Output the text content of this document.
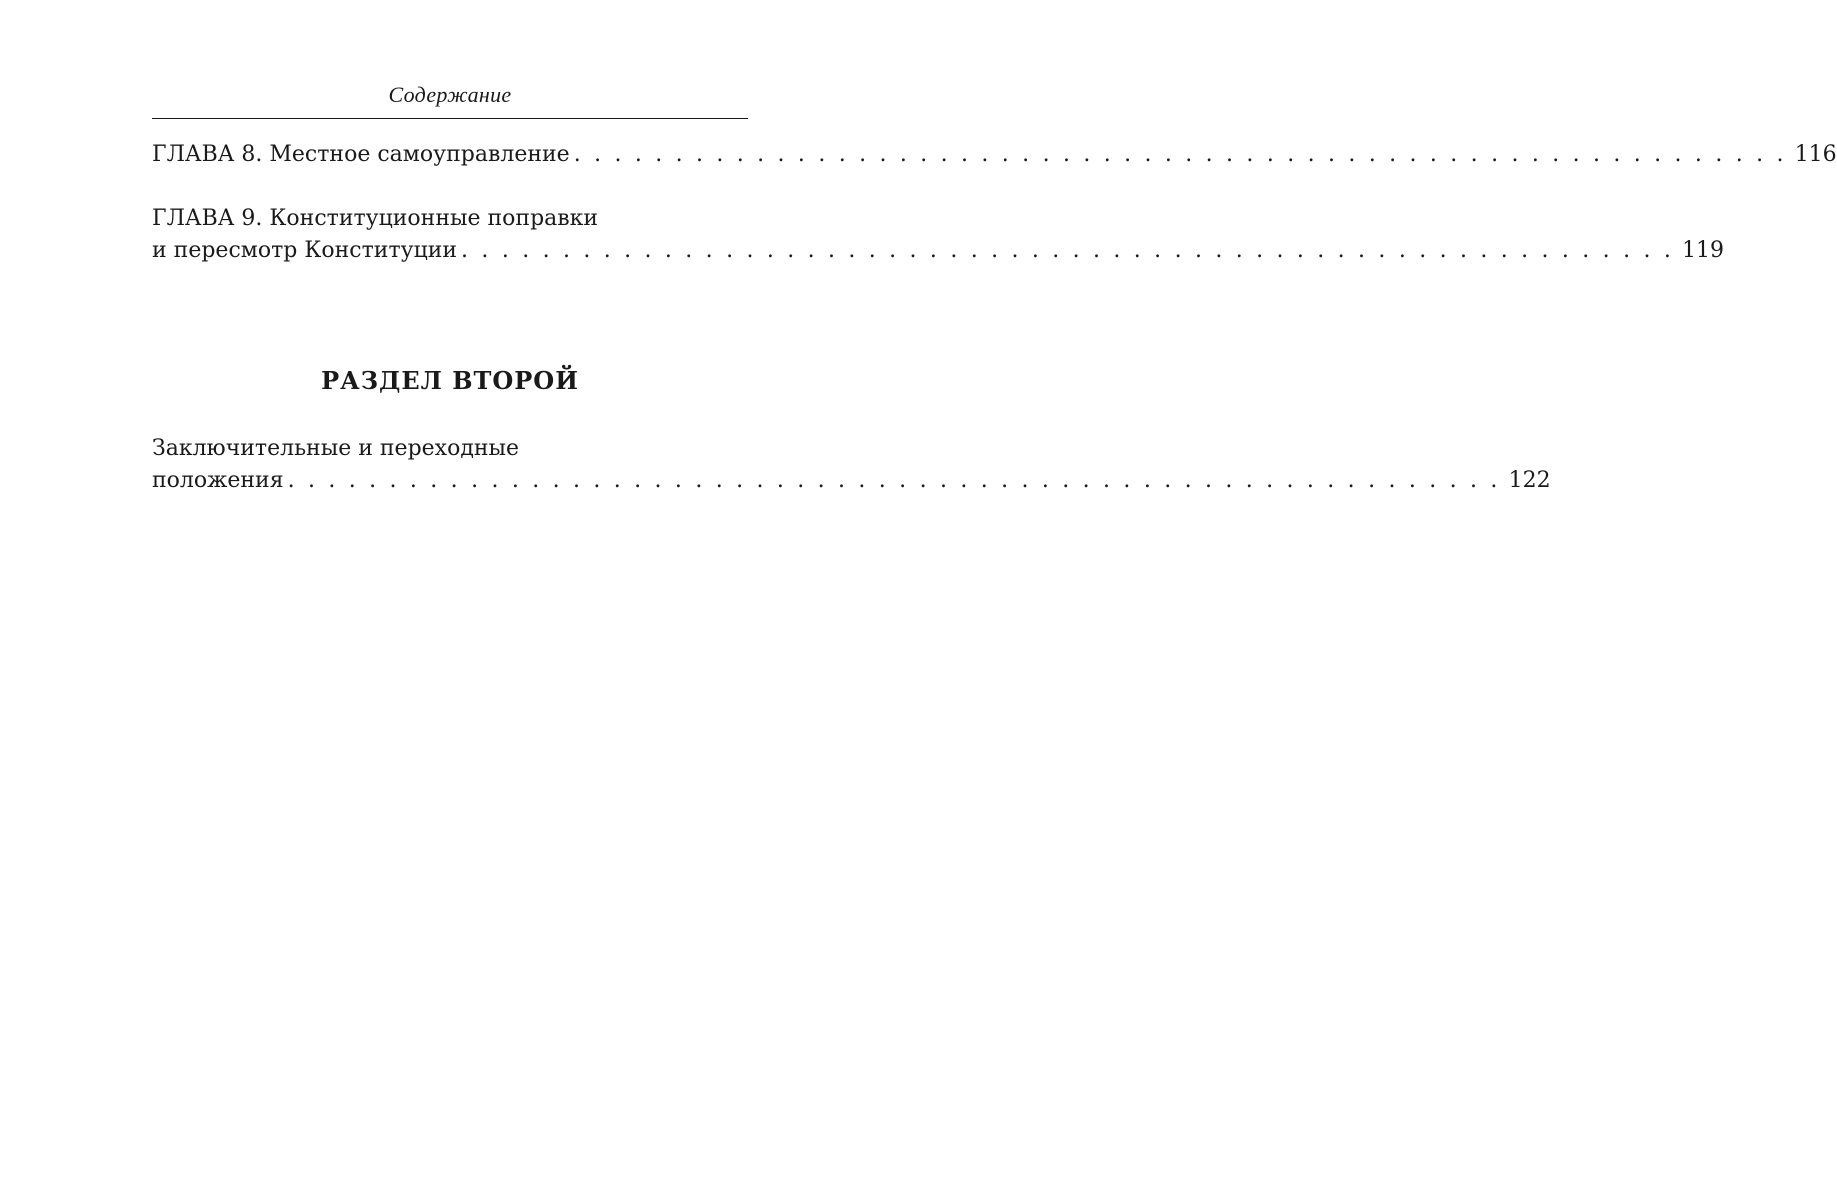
Содержание
ГЛАВА 8. Местное самоуправление . . . . . . . . . . . . . . . . . . . . . . . . . . . . . . . . . . . . . . . . . . . . . . . . . . . . . . . . . . . . 116
ГЛАВА 9. Конституционные поправки
и пересмотр Конституции . . . . . . . . . . . . . . . . . . . . . . . . . . . . . . . . . . . . . . . . . . . . . . . . . . . . . . . . . . . . 119
РАЗДЕЛ ВТОРОЙ
Заключительные и переходные
положения . . . . . . . . . . . . . . . . . . . . . . . . . . . . . . . . . . . . . . . . . . . . . . . . . . . . . . . . . . . . 122
